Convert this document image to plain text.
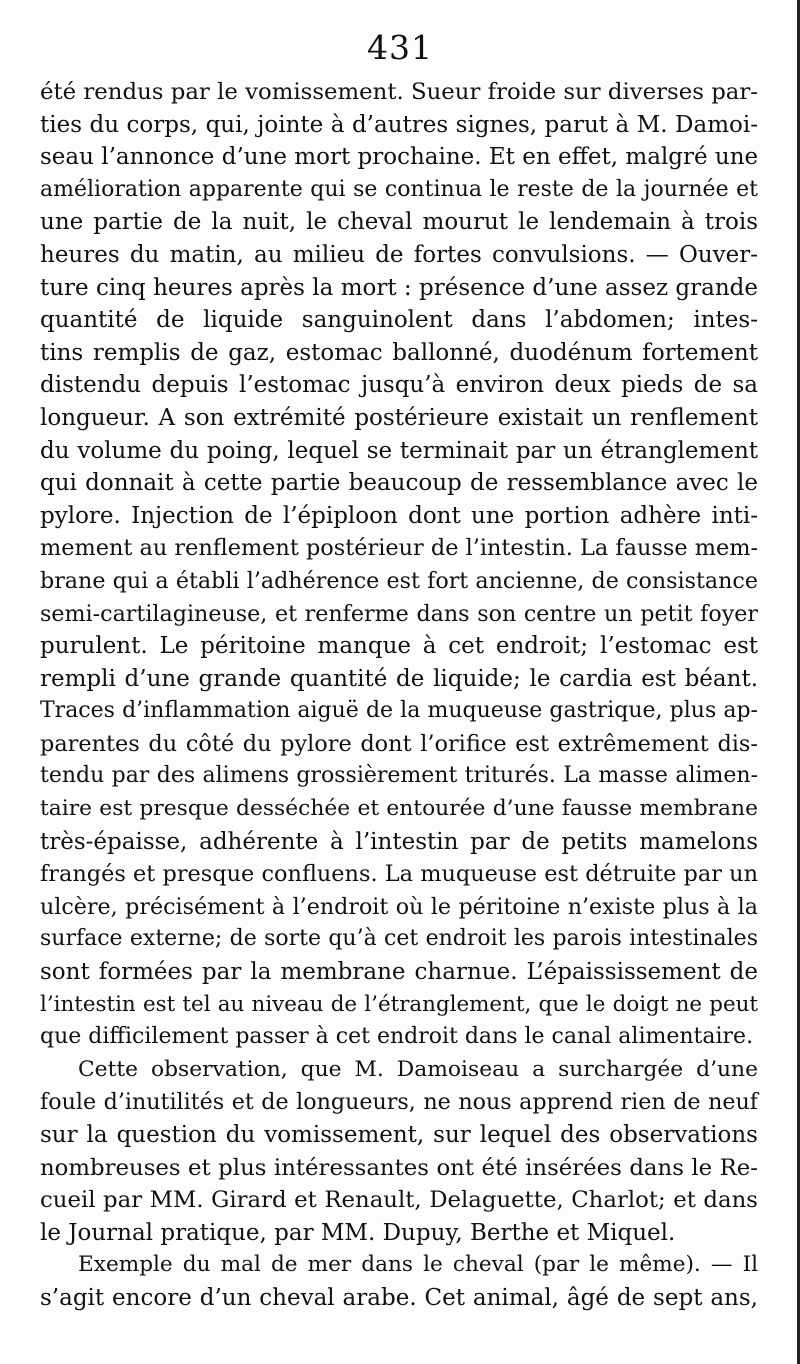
431
été rendus par le vomissement. Sueur froide sur diverses par-
ties du corps, qui, jointe à d’autres signes, parut à M. Damoi-
seau l’annonce d’une mort prochaine. Et en effet, malgré une
amélioration apparente qui se continua le reste de la journée et
une partie de la nuit, le cheval mourut le lendemain à trois
heures du matin, au milieu de fortes convulsions. — Ouver-
ture cinq heures après la mort : présence d’une assez grande
quantité de liquide sanguinolent dans l’abdomen; intes-
tins remplis de gaz, estomac ballonné, duodénum fortement
distendu depuis l’estomac jusqu’à environ deux pieds de sa
longueur. A son extrémité postérieure existait un renflement
du volume du poing, lequel se terminait par un étranglement
qui donnait à cette partie beaucoup de ressemblance avec le
pylore. Injection de l’épiploon dont une portion adhère inti-
mement au renflement postérieur de l’intestin. La fausse mem-
brane qui a établi l’adhérence est fort ancienne, de consistance
semi-cartilagineuse, et renferme dans son centre un petit foyer
purulent. Le péritoine manque à cet endroit; l’estomac est
rempli d’une grande quantité de liquide; le cardia est béant.
Traces d’inflammation aiguë de la muqueuse gastrique, plus ap-
parentes du côté du pylore dont l’orifice est extrêmement dis-
tendu par des alimens grossièrement triturés. La masse alimen-
taire est presque desséchée et entourée d’une fausse membrane
très-épaisse, adhérente à l’intestin par de petits mamelons
frangés et presque confluens. La muqueuse est détruite par un
ulcère, précisément à l’endroit où le péritoine n’existe plus à la
surface externe; de sorte qu’à cet endroit les parois intestinales
sont formées par la membrane charnue. L’épaississement de
l’intestin est tel au niveau de l’étranglement, que le doigt ne peut
que difficilement passer à cet endroit dans le canal alimentaire.
Cette observation, que M. Damoiseau a surchargée d’une
foule d’inutilités et de longueurs, ne nous apprend rien de neuf
sur la question du vomissement, sur lequel des observations
nombreuses et plus intéressantes ont été insérées dans le Re-
cueil par MM. Girard et Renault, Delaguette, Charlot; et dans
le Journal pratique, par MM. Dupuy, Berthe et Miquel.
Exemple du mal de mer dans le cheval (par le même). — Il
s’agit encore d’un cheval arabe. Cet animal, âgé de sept ans,
